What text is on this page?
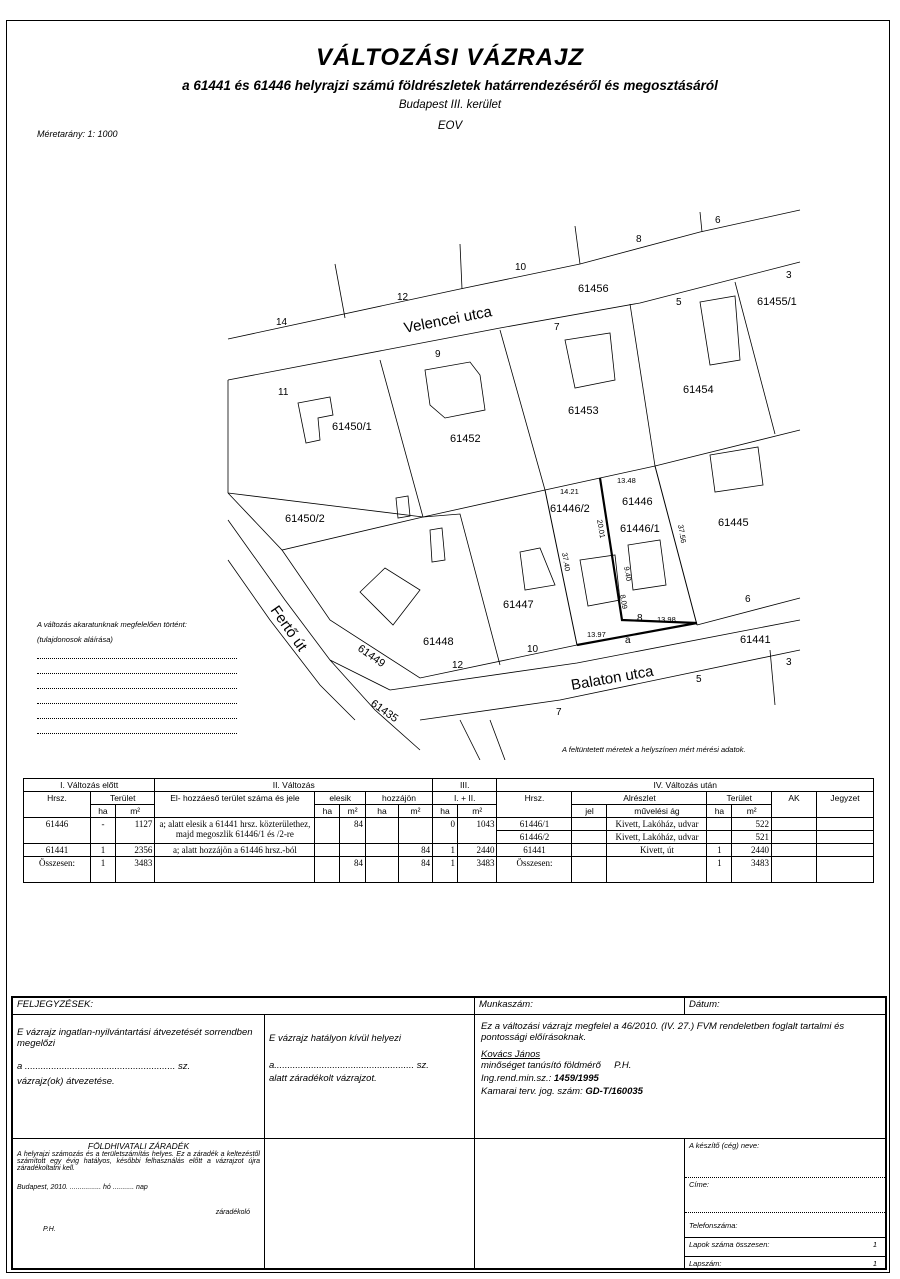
VÁLTOZÁSI VÁZRAJZ
a 61441 és 61446 helyrajzi számú földrészletek határrendezéséről és megosztásáról
Budapest III. kerület
EOV
Méretarány: 1: 1000
Velencei utca
Balaton utca
Fertő út
61456
61455/1
61454
61453
61452
61450/1
61450/2
61446/2
61446
61446/1	61445
61447
61448
61449
61435
61441
14
12
10
8
6
3
5
7
9
11
6
3
5
7
10
12
8
14.21
13.48
20.01	37.56
37.40
9.40
8.09
13.97
13.98
a
A változás akaratunknak megfelelően történt:
(tulajdonosok aláírása)
A feltüntetett méretek a helyszínen mért mérési adatok.
I. Változás előtt			II. Változás					III.		IV. Változás után						
Hrsz.	Terület		El- hozzáeső terület száma és jele	elesik		hozzájön		I. + II.		Hrsz.	Alrészlet		Terület		AK	Jegyzet
	ha	m²		ha	m²	ha	m²	ha	m²		jel	művelési ág	ha	m²		
61446	-	1127	a; alatt elesik a 61441 hrsz. közterülethez, majd megoszlik 61446/1 és /2-re		84			0	1043	61446/1		Kivett, Lakóház, udvar		522		
										61446/2		Kivett, Lakóház, udvar		521		
61441	1	2356	a; alatt hozzájön a 61446 hrsz.-ból				84	1	2440	61441		Kivett, út	1	2440		
Összesen:	1	3483			84		84	1	3483	Összesen:			1	3483		
FELJEGYZÉSEK:	Munkaszám:	Dátum:
E vázrajz ingatlan-nyilvántartási átvezetését sorrendben megelőzi
a ......................................................... sz.
vázrajz(ok) átvezetése.
E vázrajz hatályon kívül helyezi
a..................................................... sz.
alatt záradékolt vázrajzot.
Ez a változási vázrajz megfelel a 46/2010. (IV. 27.) FVM rendeletben foglalt tartalmi és pontossági előírásoknak.
Kovács János
minőséget tanúsító földmérő P.H.
Ing.rend.min.sz.: 1459/1995
Kamarai terv. jog. szám: GD-T/160035
FÖLDHIVATALI ZÁRADÉK
A helyrajzi számozás és a területszámítás helyes. Ez a záradék a keltezéstől számított egy évig hatályos, későbbi felhasználás előtt a vázrajzot újra záradékoltatni kell.
Budapest, 2010. ................ hó ........... nap
záradékoló
P.H.
A készítő (cég) neve:
Címe:
Telefonszáma:
Lapok száma összesen:	1
Lapszám:	1
